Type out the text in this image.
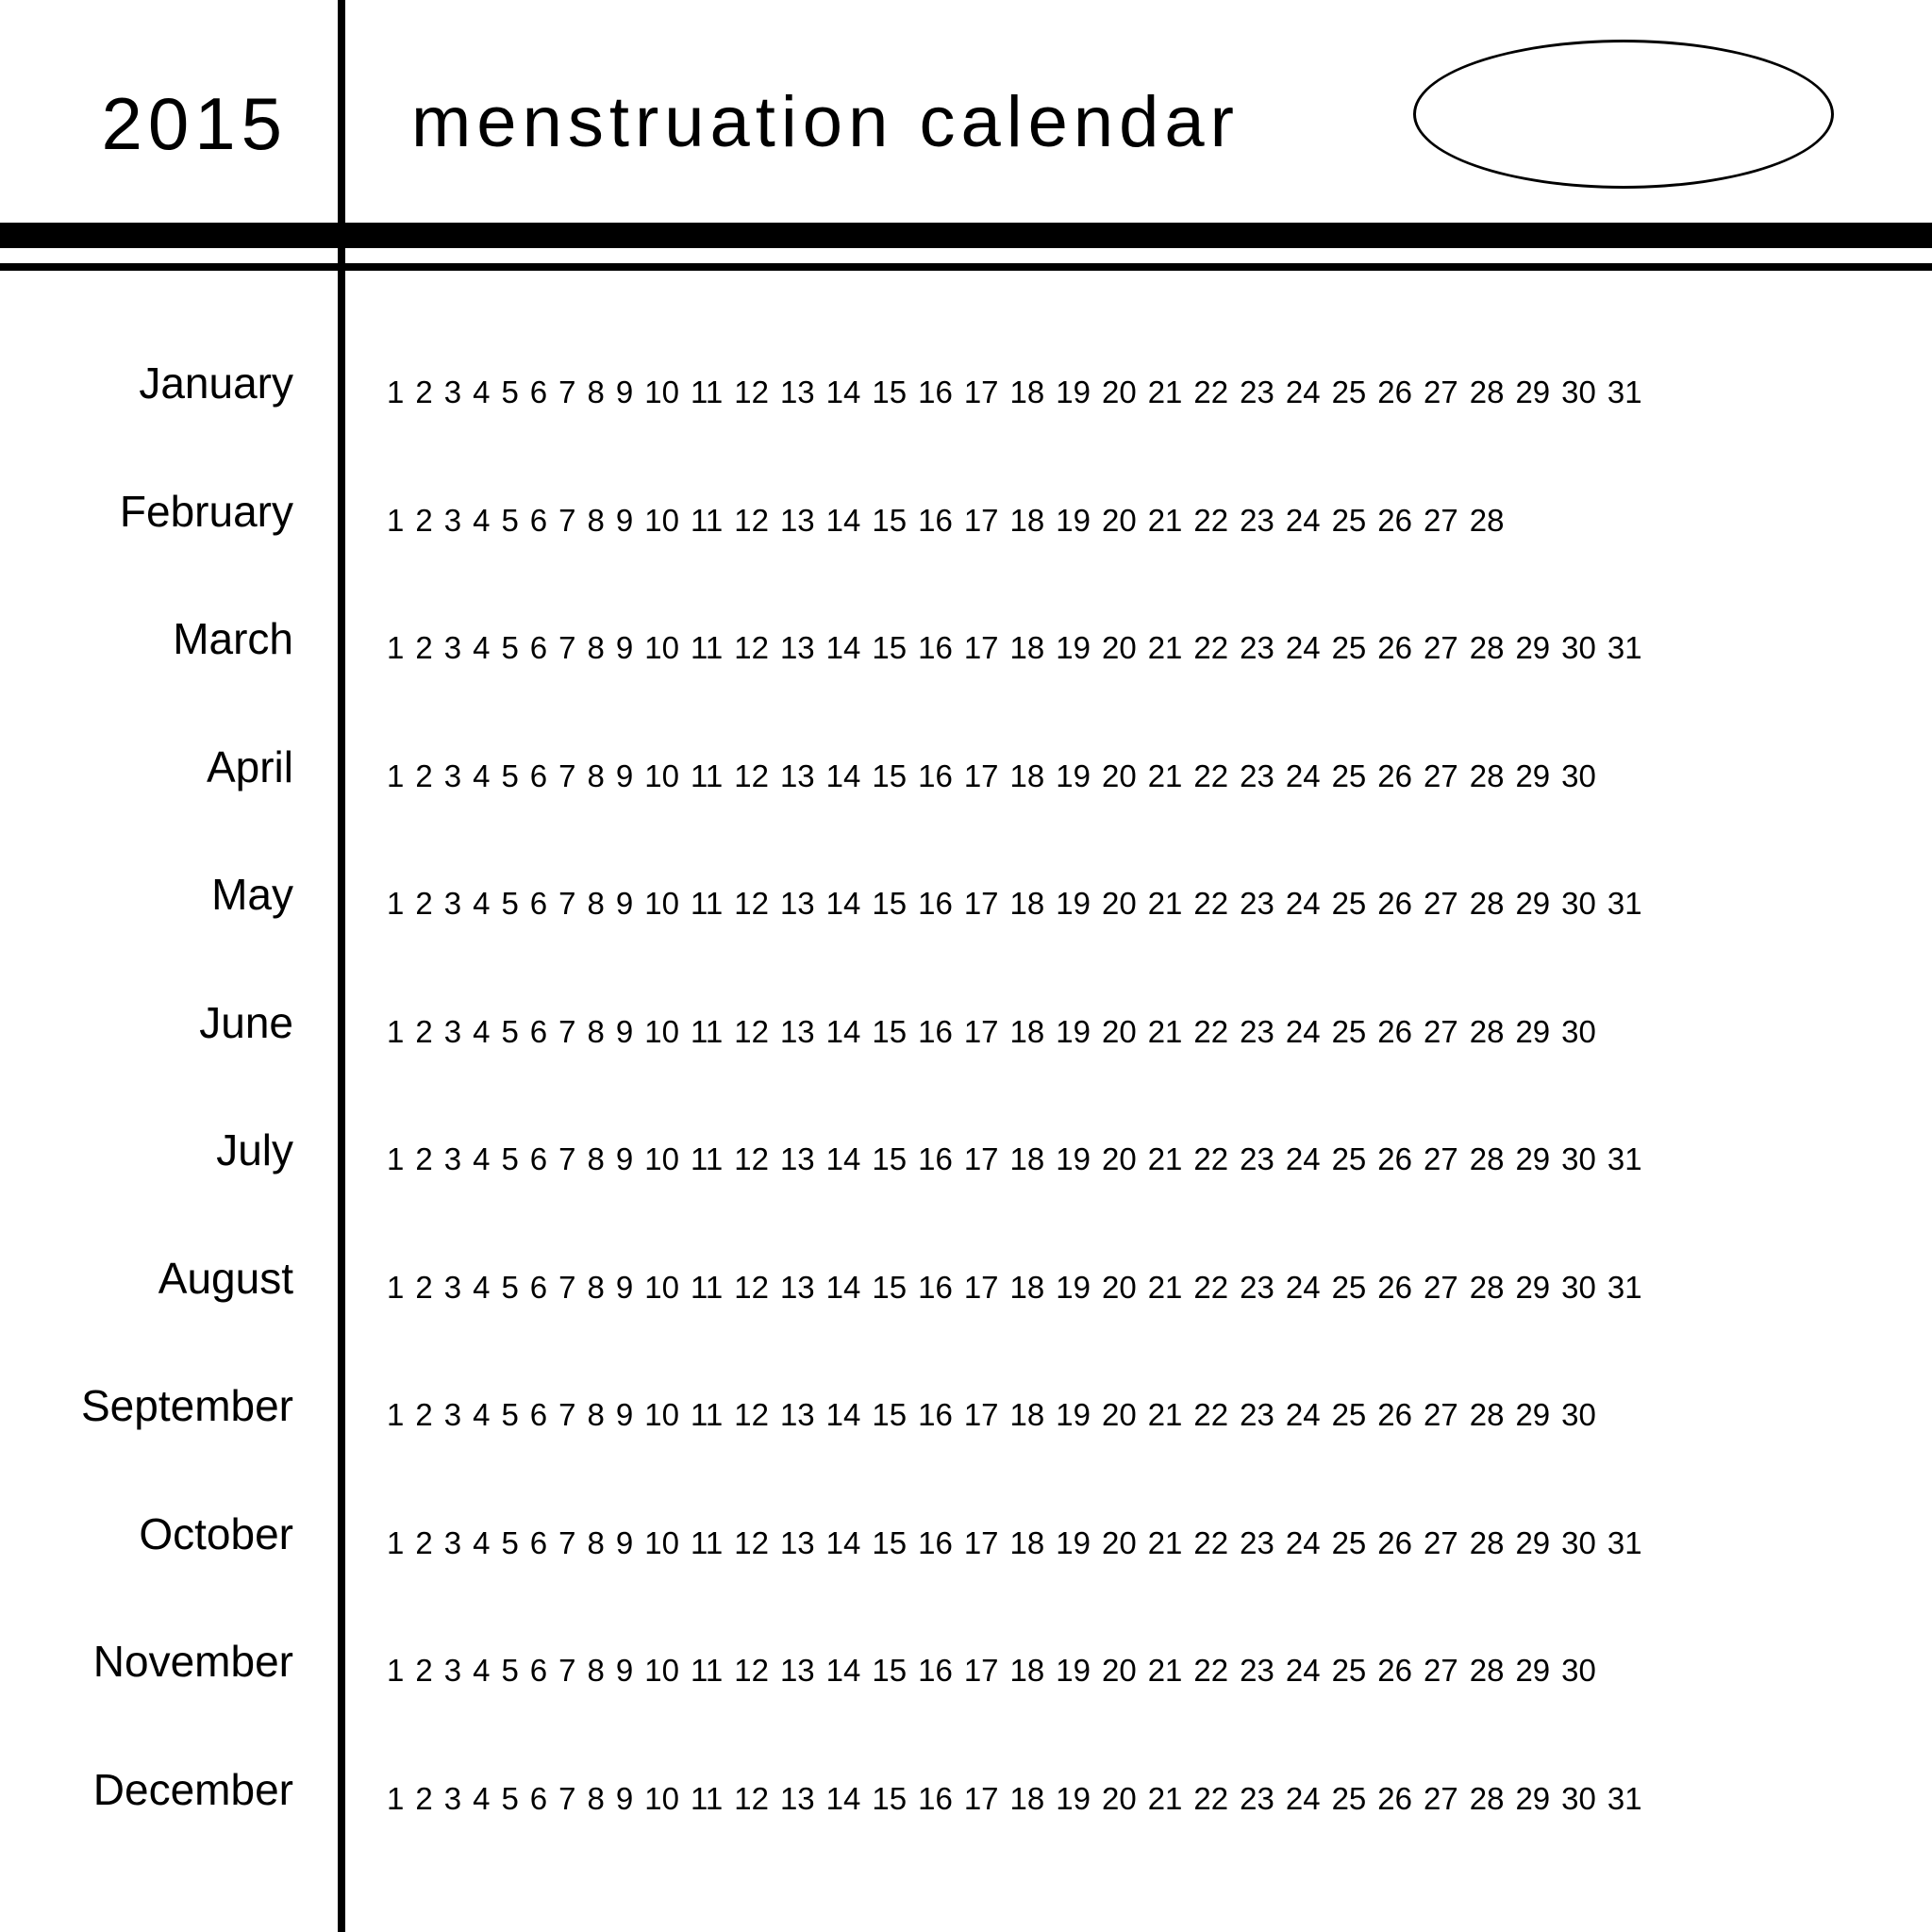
2015 menstruation calendar
January	1 2 3 4 5 6 7 8 9 10 11 12 13 14 15 16 17 18 19 20 21 22 23 24 25 26 27 28 29 30 31
February	1 2 3 4 5 6 7 8 9 10 11 12 13 14 15 16 17 18 19 20 21 22 23 24 25 26 27 28
March	1 2 3 4 5 6 7 8 9 10 11 12 13 14 15 16 17 18 19 20 21 22 23 24 25 26 27 28 29 30 31
April	1 2 3 4 5 6 7 8 9 10 11 12 13 14 15 16 17 18 19 20 21 22 23 24 25 26 27 28 29 30
May	1 2 3 4 5 6 7 8 9 10 11 12 13 14 15 16 17 18 19 20 21 22 23 24 25 26 27 28 29 30 31
June	1 2 3 4 5 6 7 8 9 10 11 12 13 14 15 16 17 18 19 20 21 22 23 24 25 26 27 28 29 30
July	1 2 3 4 5 6 7 8 9 10 11 12 13 14 15 16 17 18 19 20 21 22 23 24 25 26 27 28 29 30 31
August	1 2 3 4 5 6 7 8 9 10 11 12 13 14 15 16 17 18 19 20 21 22 23 24 25 26 27 28 29 30 31
September	1 2 3 4 5 6 7 8 9 10 11 12 13 14 15 16 17 18 19 20 21 22 23 24 25 26 27 28 29 30
October	1 2 3 4 5 6 7 8 9 10 11 12 13 14 15 16 17 18 19 20 21 22 23 24 25 26 27 28 29 30 31
November	1 2 3 4 5 6 7 8 9 10 11 12 13 14 15 16 17 18 19 20 21 22 23 24 25 26 27 28 29 30
December	1 2 3 4 5 6 7 8 9 10 11 12 13 14 15 16 17 18 19 20 21 22 23 24 25 26 27 28 29 30 31
